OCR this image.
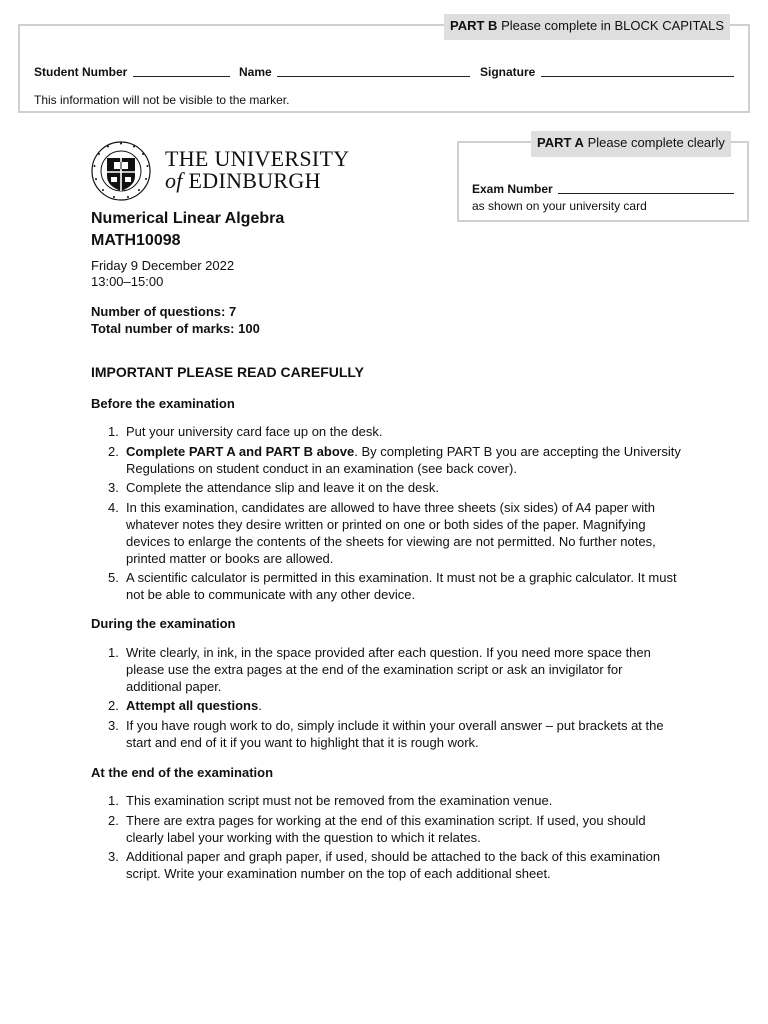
PART B Please complete in BLOCK CAPITALS
Student Number	Name	Signature
This information will not be visible to the marker.
PART A Please complete clearly
Exam Number
as shown on your university card
THE UNIVERSITY
of EDINBURGH
Numerical Linear Algebra
MATH10098
Friday 9 December 2022
13:00–15:00
Number of questions: 7
Total number of marks: 100
IMPORTANT PLEASE READ CAREFULLY
Before the examination
1. Put your university card face up on the desk.
2. Complete PART A and PART B above. By completing PART B you are accepting the University Regulations on student conduct in an examination (see back cover).
3. Complete the attendance slip and leave it on the desk.
4. In this examination, candidates are allowed to have three sheets (six sides) of A4 paper with whatever notes they desire written or printed on one or both sides of the paper. Magnifying devices to enlarge the contents of the sheets for viewing are not permitted. No further notes, printed matter or books are allowed.
5. A scientific calculator is permitted in this examination. It must not be a graphic calculator. It must not be able to communicate with any other device.
During the examination
1. Write clearly, in ink, in the space provided after each question. If you need more space then please use the extra pages at the end of the examination script or ask an invigilator for additional paper.
2. Attempt all questions.
3. If you have rough work to do, simply include it within your overall answer – put brackets at the start and end of it if you want to highlight that it is rough work.
At the end of the examination
1. This examination script must not be removed from the examination venue.
2. There are extra pages for working at the end of this examination script. If used, you should clearly label your working with the question to which it relates.
3. Additional paper and graph paper, if used, should be attached to the back of this examination script. Write your examination number on the top of each additional sheet.
